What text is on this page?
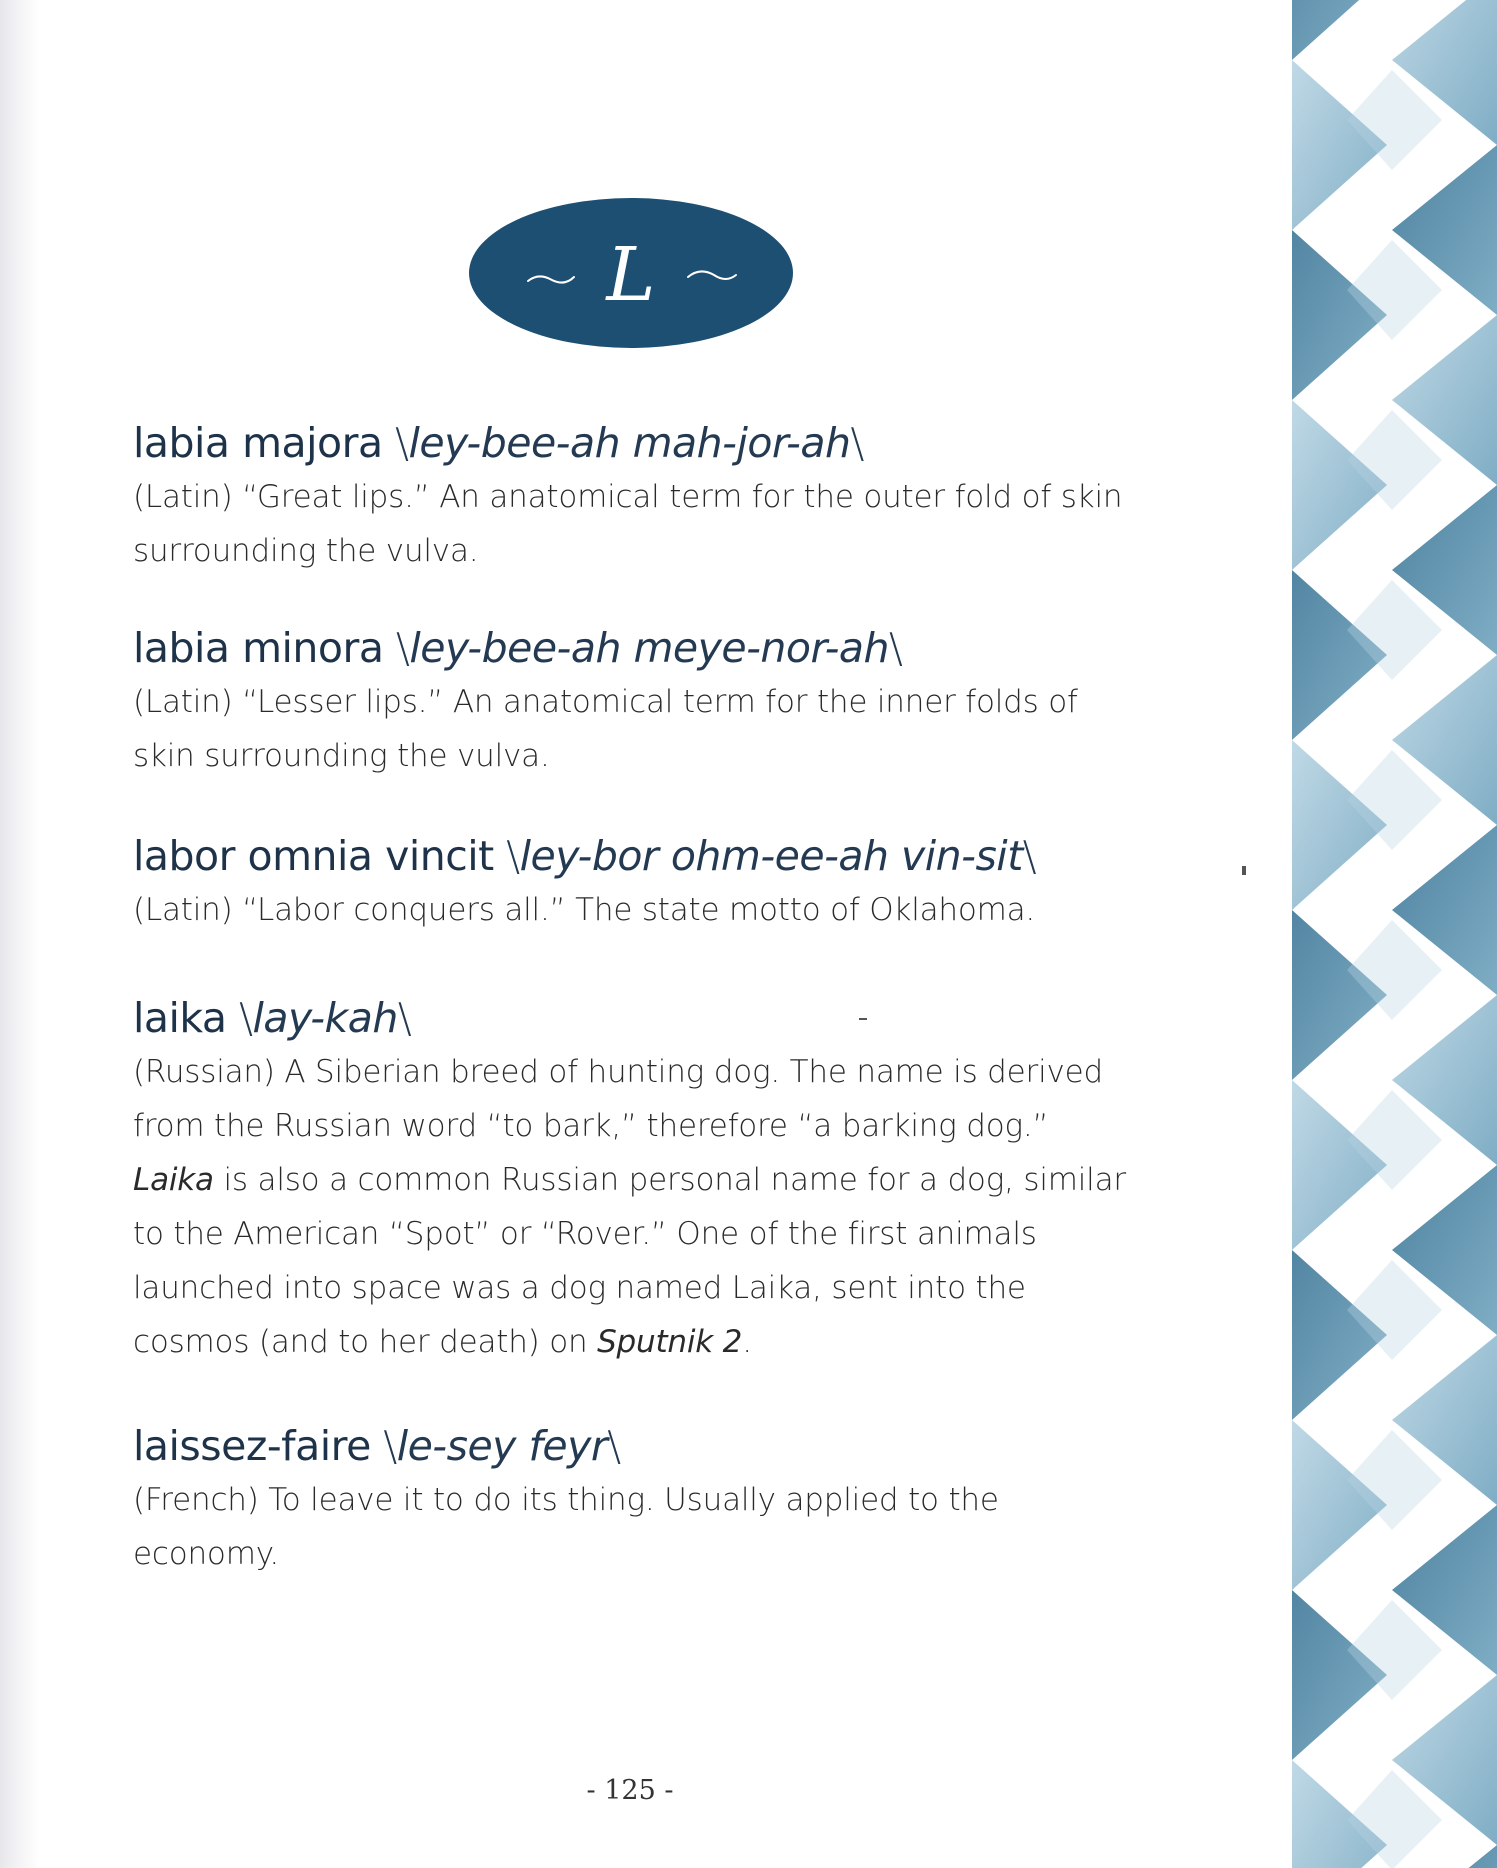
L
labia majora \ley-bee-ah mah-jor-ah\
(Latin) “Great lips.” An anatomical term for the outer fold of skin surrounding the vulva.
labia minora \ley-bee-ah meye-nor-ah\
(Latin) “Lesser lips.” An anatomical term for the inner folds of skin surrounding the vulva.
labor omnia vincit \ley-bor ohm-ee-ah vin-sit\
(Latin) “Labor conquers all.” The state motto of Oklahoma.
laika \lay-kah\
(Russian) A Siberian breed of hunting dog. The name is derived from the Russian word “to bark,” therefore “a barking dog.”
Laika is also a common Russian personal name for a dog, similar to the American “Spot” or “Rover.” One of the first animals launched into space was a dog named Laika, sent into the cosmos (and to her death) on Sputnik 2.
laissez-faire \le-sey feyr\
(French) To leave it to do its thing. Usually applied to the economy.
- 125 -
